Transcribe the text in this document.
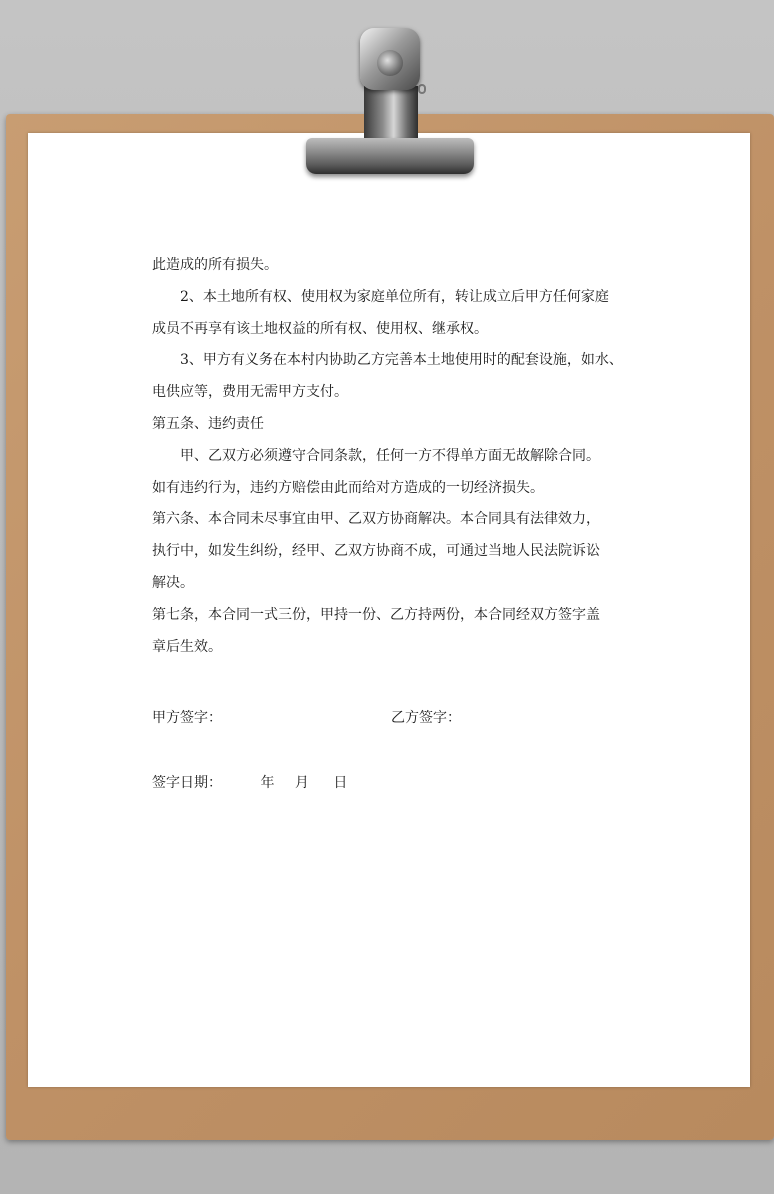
此造成的所有损失。

2、本土地所有权、使用权为家庭单位所有，转让成立后甲方任何家庭

成员不再享有该土地权益的所有权、使用权、继承权。

3、甲方有义务在本村内协助乙方完善本土地使用时的配套设施，如水、

电供应等，费用无需甲方支付。

第五条、违约责任

甲、乙双方必须遵守合同条款，任何一方不得单方面无故解除合同。

如有违约行为，违约方赔偿由此而给对方造成的一切经济损失。

第六条、本合同未尽事宜由甲、乙双方协商解决。本合同具有法律效力，

执行中，如发生纠纷，经甲、乙双方协商不成，可通过当地人民法院诉讼

解决。

第七条，本合同一式三份，甲持一份、乙方持两份，本合同经双方签字盖

章后生效。

甲方签字：	乙方签字：
签字日期：	年 月 日
